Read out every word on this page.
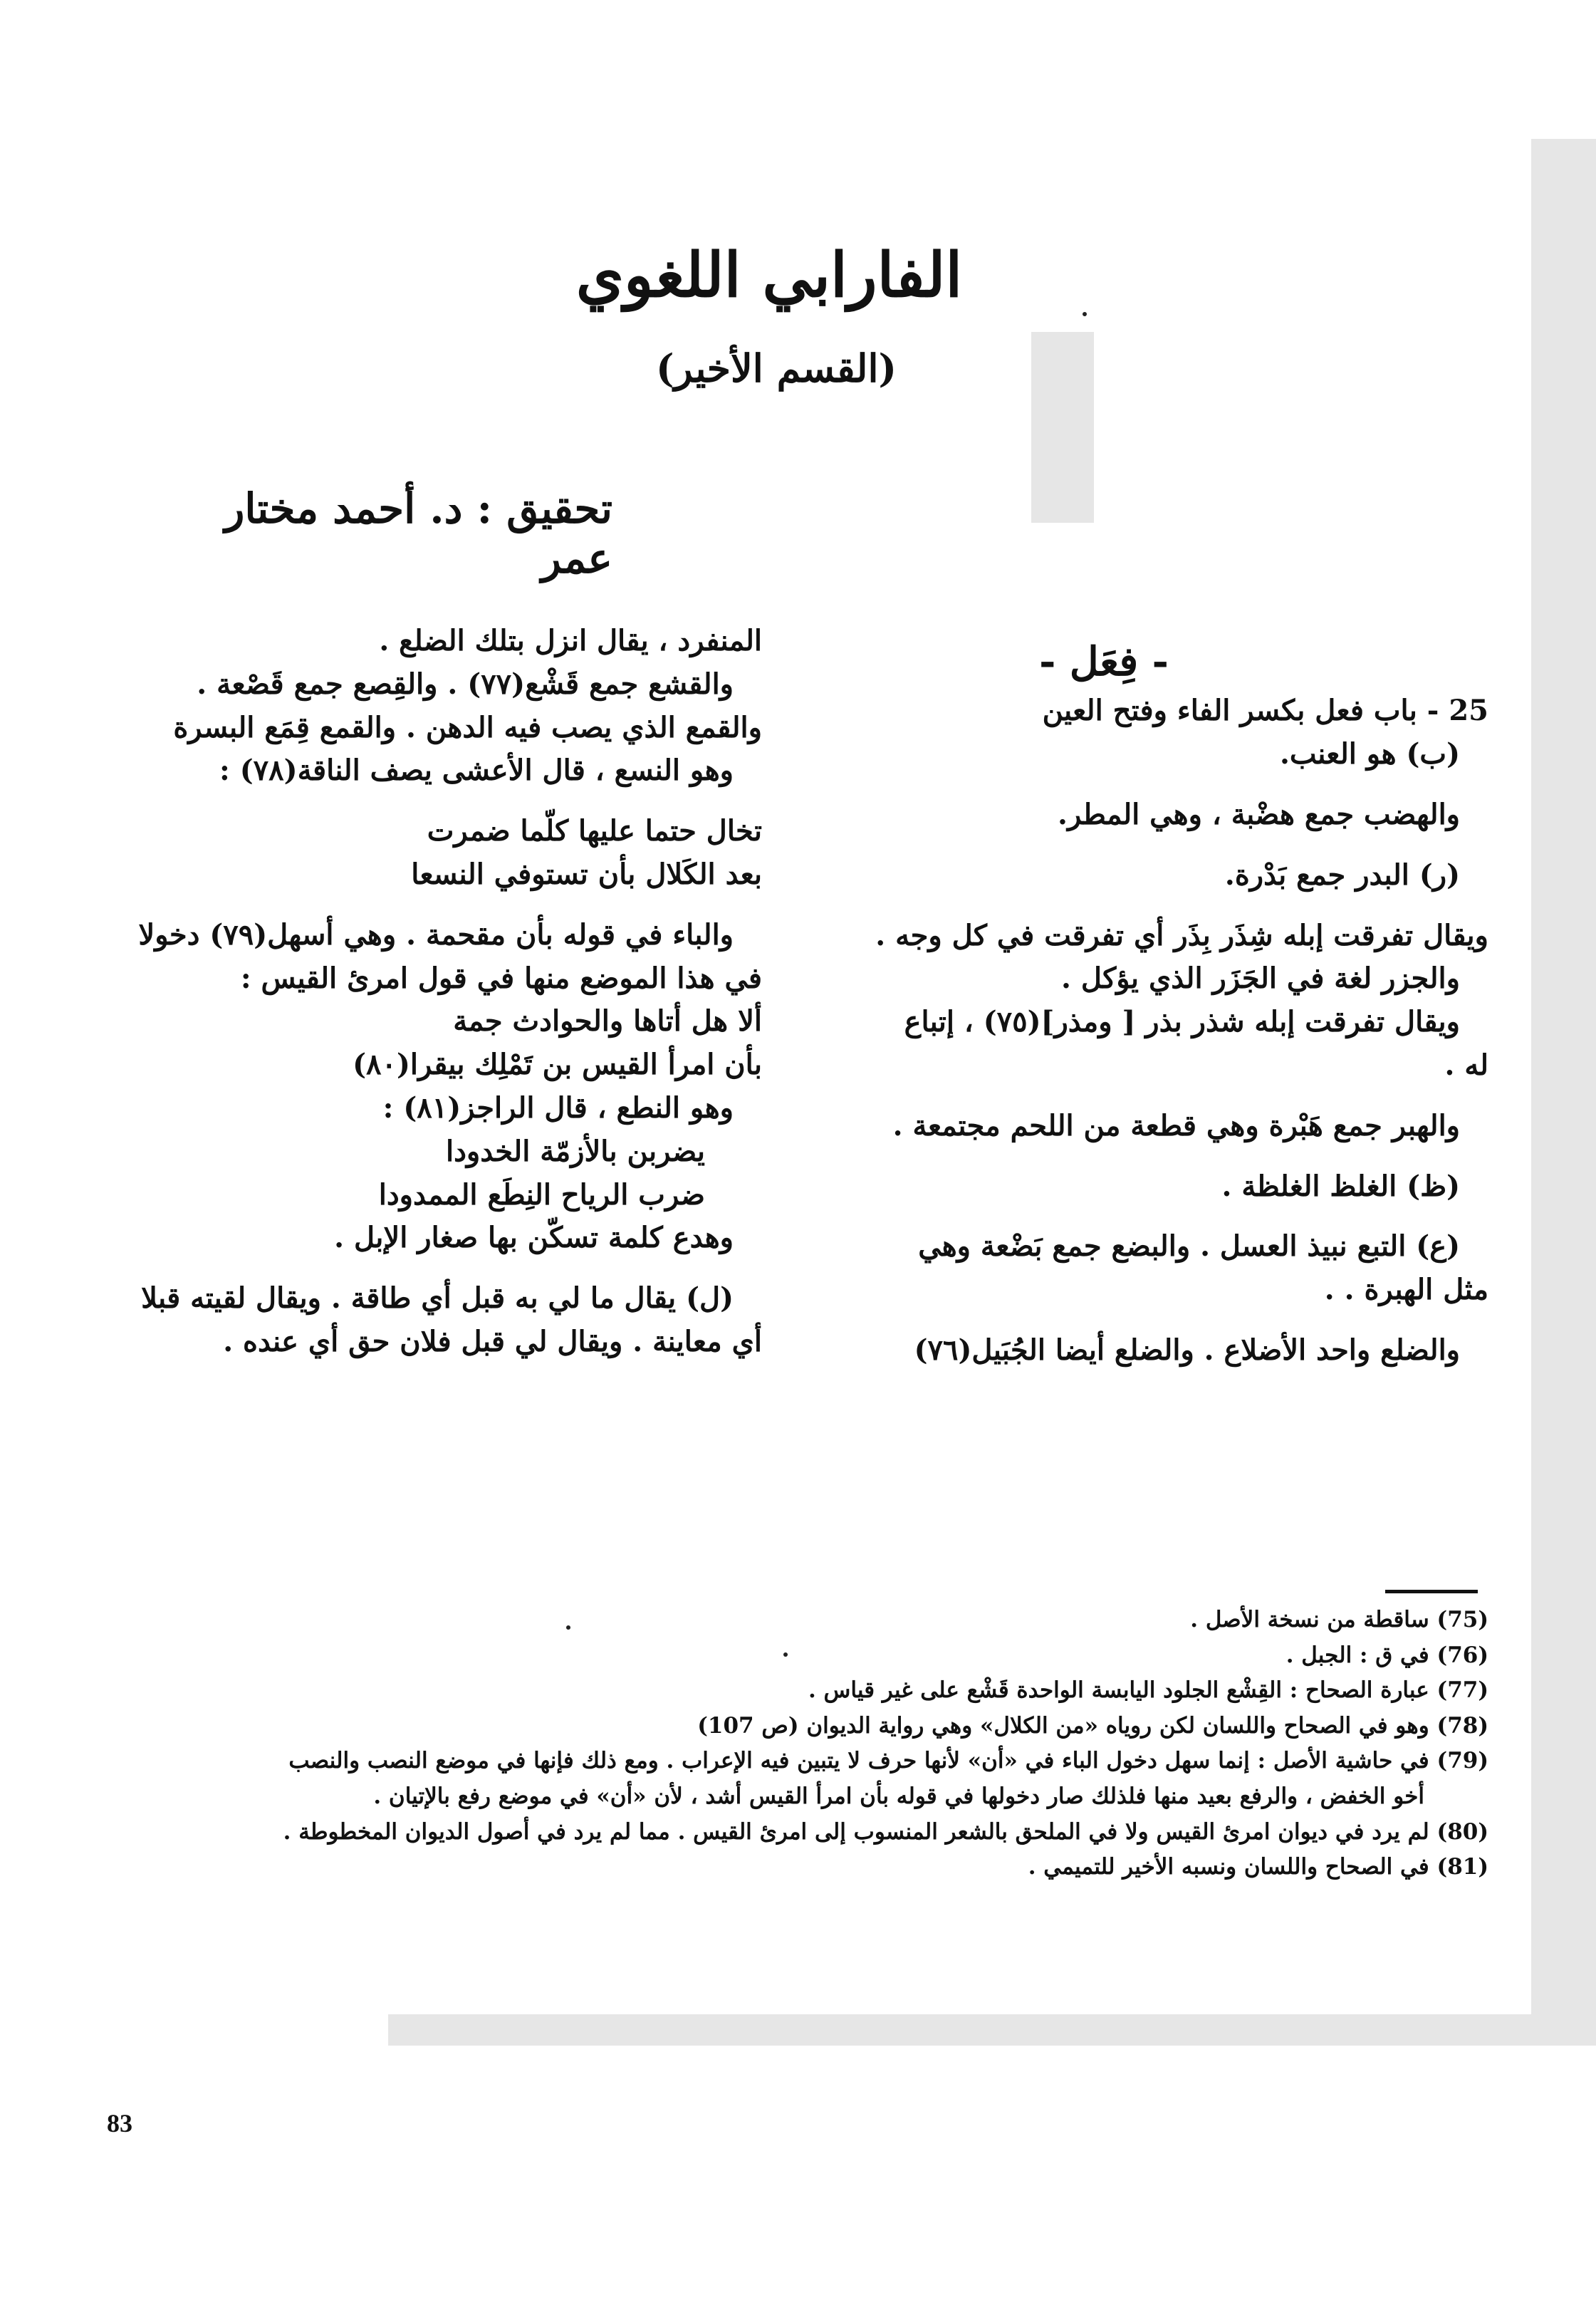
الفارابي اللغوي
(القسم الأخير)
تحقيق : د. أحمد مختار عمر

- فِعَل -

25 - باب فعل بكسر الفاء وفتح العين

(ب) هو العنب.

والهضب جمع هضْبة ، وهي المطر.

(ر) البدر جمع بَدْرة.

ويقال تفرقت إبله شِذَر بِذَر أي تفرقت في كل وجه .

والجزر لغة في الجَزَر الذي يؤكل .

ويقال تفرقت إبله شذر بذر [ ومذر](٧٥) ، إتباع

له .

والهبر جمع هَبْرة وهي قطعة من اللحم مجتمعة .

(ظ) الغلظ الغلظة .

(ع) التبع نبيذ العسل . والبضع جمع بَضْعة وهي

مثل الهبرة . .

والضلع واحد الأضلاع . والضلع أيضا الجُبَيل(٧٦)

المنفرد ، يقال انزل بتلك الضلع .

والقشع جمع قَشْع(٧٧) . والقِصع جمع قَصْعة .

والقمع الذي يصب فيه الدهن . والقمع قِمَع البسرة

وهو النسع ، قال الأعشى يصف الناقة(٧٨) :

تخال حتما عليها كلّما ضمرت

بعد الكَلال بأن تستوفي النسعا

والباء في قوله بأن مقحمة . وهي أسهل(٧٩) دخولا

في هذا الموضع منها في قول امرئ القيس :

ألا هل أتاها والحوادث جمة

بأن امرأ القيس بن تَمْلِك بيقرا(٨٠)

وهو النطع ، قال الراجز(٨١) :

يضربن بالأزمّة الخدودا

ضرب الرياح النِطَع الممدودا

وهدع كلمة تسكّن بها صغار الإبل .

(ل) يقال ما لي به قبل أي طاقة . ويقال لقيته قبلا

أي معاينة . ويقال لي قبل فلان حق أي عنده .

(75) ساقطة من نسخة الأصل .

(76) في ق : الجبل .

(77) عبارة الصحاح : القِشْع الجلود اليابسة الواحدة قَشْع على غير قياس .

(78) وهو في الصحاح واللسان لكن روياه «من الكلال» وهي رواية الديوان (ص 107)

(79) في حاشية الأصل : إنما سهل دخول الباء في «أن» لأنها حرف لا يتبين فيه الإعراب . ومع ذلك فإنها في موضع النصب والنصب

أخو الخفض ، والرفع بعيد منها فلذلك صار دخولها في قوله بأن امرأ القيس أشد ، لأن «أن» في موضع رفع بالإتيان .

(80) لم يرد في ديوان امرئ القيس ولا في الملحق بالشعر المنسوب إلى امرئ القيس . مما لم يرد في أصول الديوان المخطوطة .

(81) في الصحاح واللسان ونسبه الأخير للتميمي .

83
